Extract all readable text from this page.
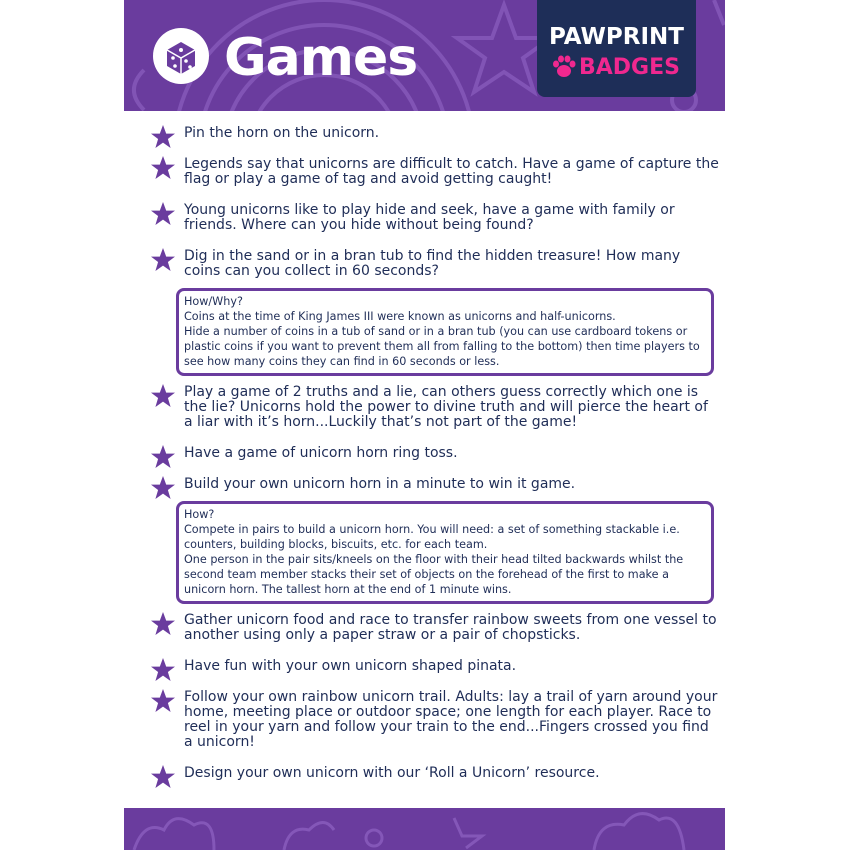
Games	PAWPRINT
BADGES
Pin the horn on the unicorn.
Legends say that unicorns are difficult to catch. Have a game of capture the flag or play a game of tag and avoid getting caught!
Young unicorns like to play hide and seek, have a game with family or friends. Where can you hide without being found?
Dig in the sand or in a bran tub to find the hidden treasure! How many coins can you collect in 60 seconds?
How/Why?
Coins at the time of King James III were known as unicorns and half-unicorns.
Hide a number of coins in a tub of sand or in a bran tub (you can use cardboard tokens or plastic coins if you want to prevent them all from falling to the bottom) then time players to see how many coins they can find in 60 seconds or less.
Play a game of 2 truths and a lie, can others guess correctly which one is the lie? Unicorns hold the power to divine truth and will pierce the heart of a liar with it’s horn...Luckily that’s not part of the game!
Have a game of unicorn horn ring toss.
Build your own unicorn horn in a minute to win it game.
How?
Compete in pairs to build a unicorn horn. You will need: a set of something stackable i.e. counters, building blocks, biscuits, etc. for each team.
One person in the pair sits/kneels on the floor with their head tilted backwards whilst the second team member stacks their set of objects on the forehead of the first to make a unicorn horn. The tallest horn at the end of 1 minute wins.
Gather unicorn food and race to transfer rainbow sweets from one vessel to another using only a paper straw or a pair of chopsticks.
Have fun with your own unicorn shaped pinata.
Follow your own rainbow unicorn trail. Adults: lay a trail of yarn around your home, meeting place or outdoor space; one length for each player. Race to reel in your yarn and follow your train to the end...Fingers crossed you find a unicorn!
Design your own unicorn with our ‘Roll a Unicorn’ resource.
